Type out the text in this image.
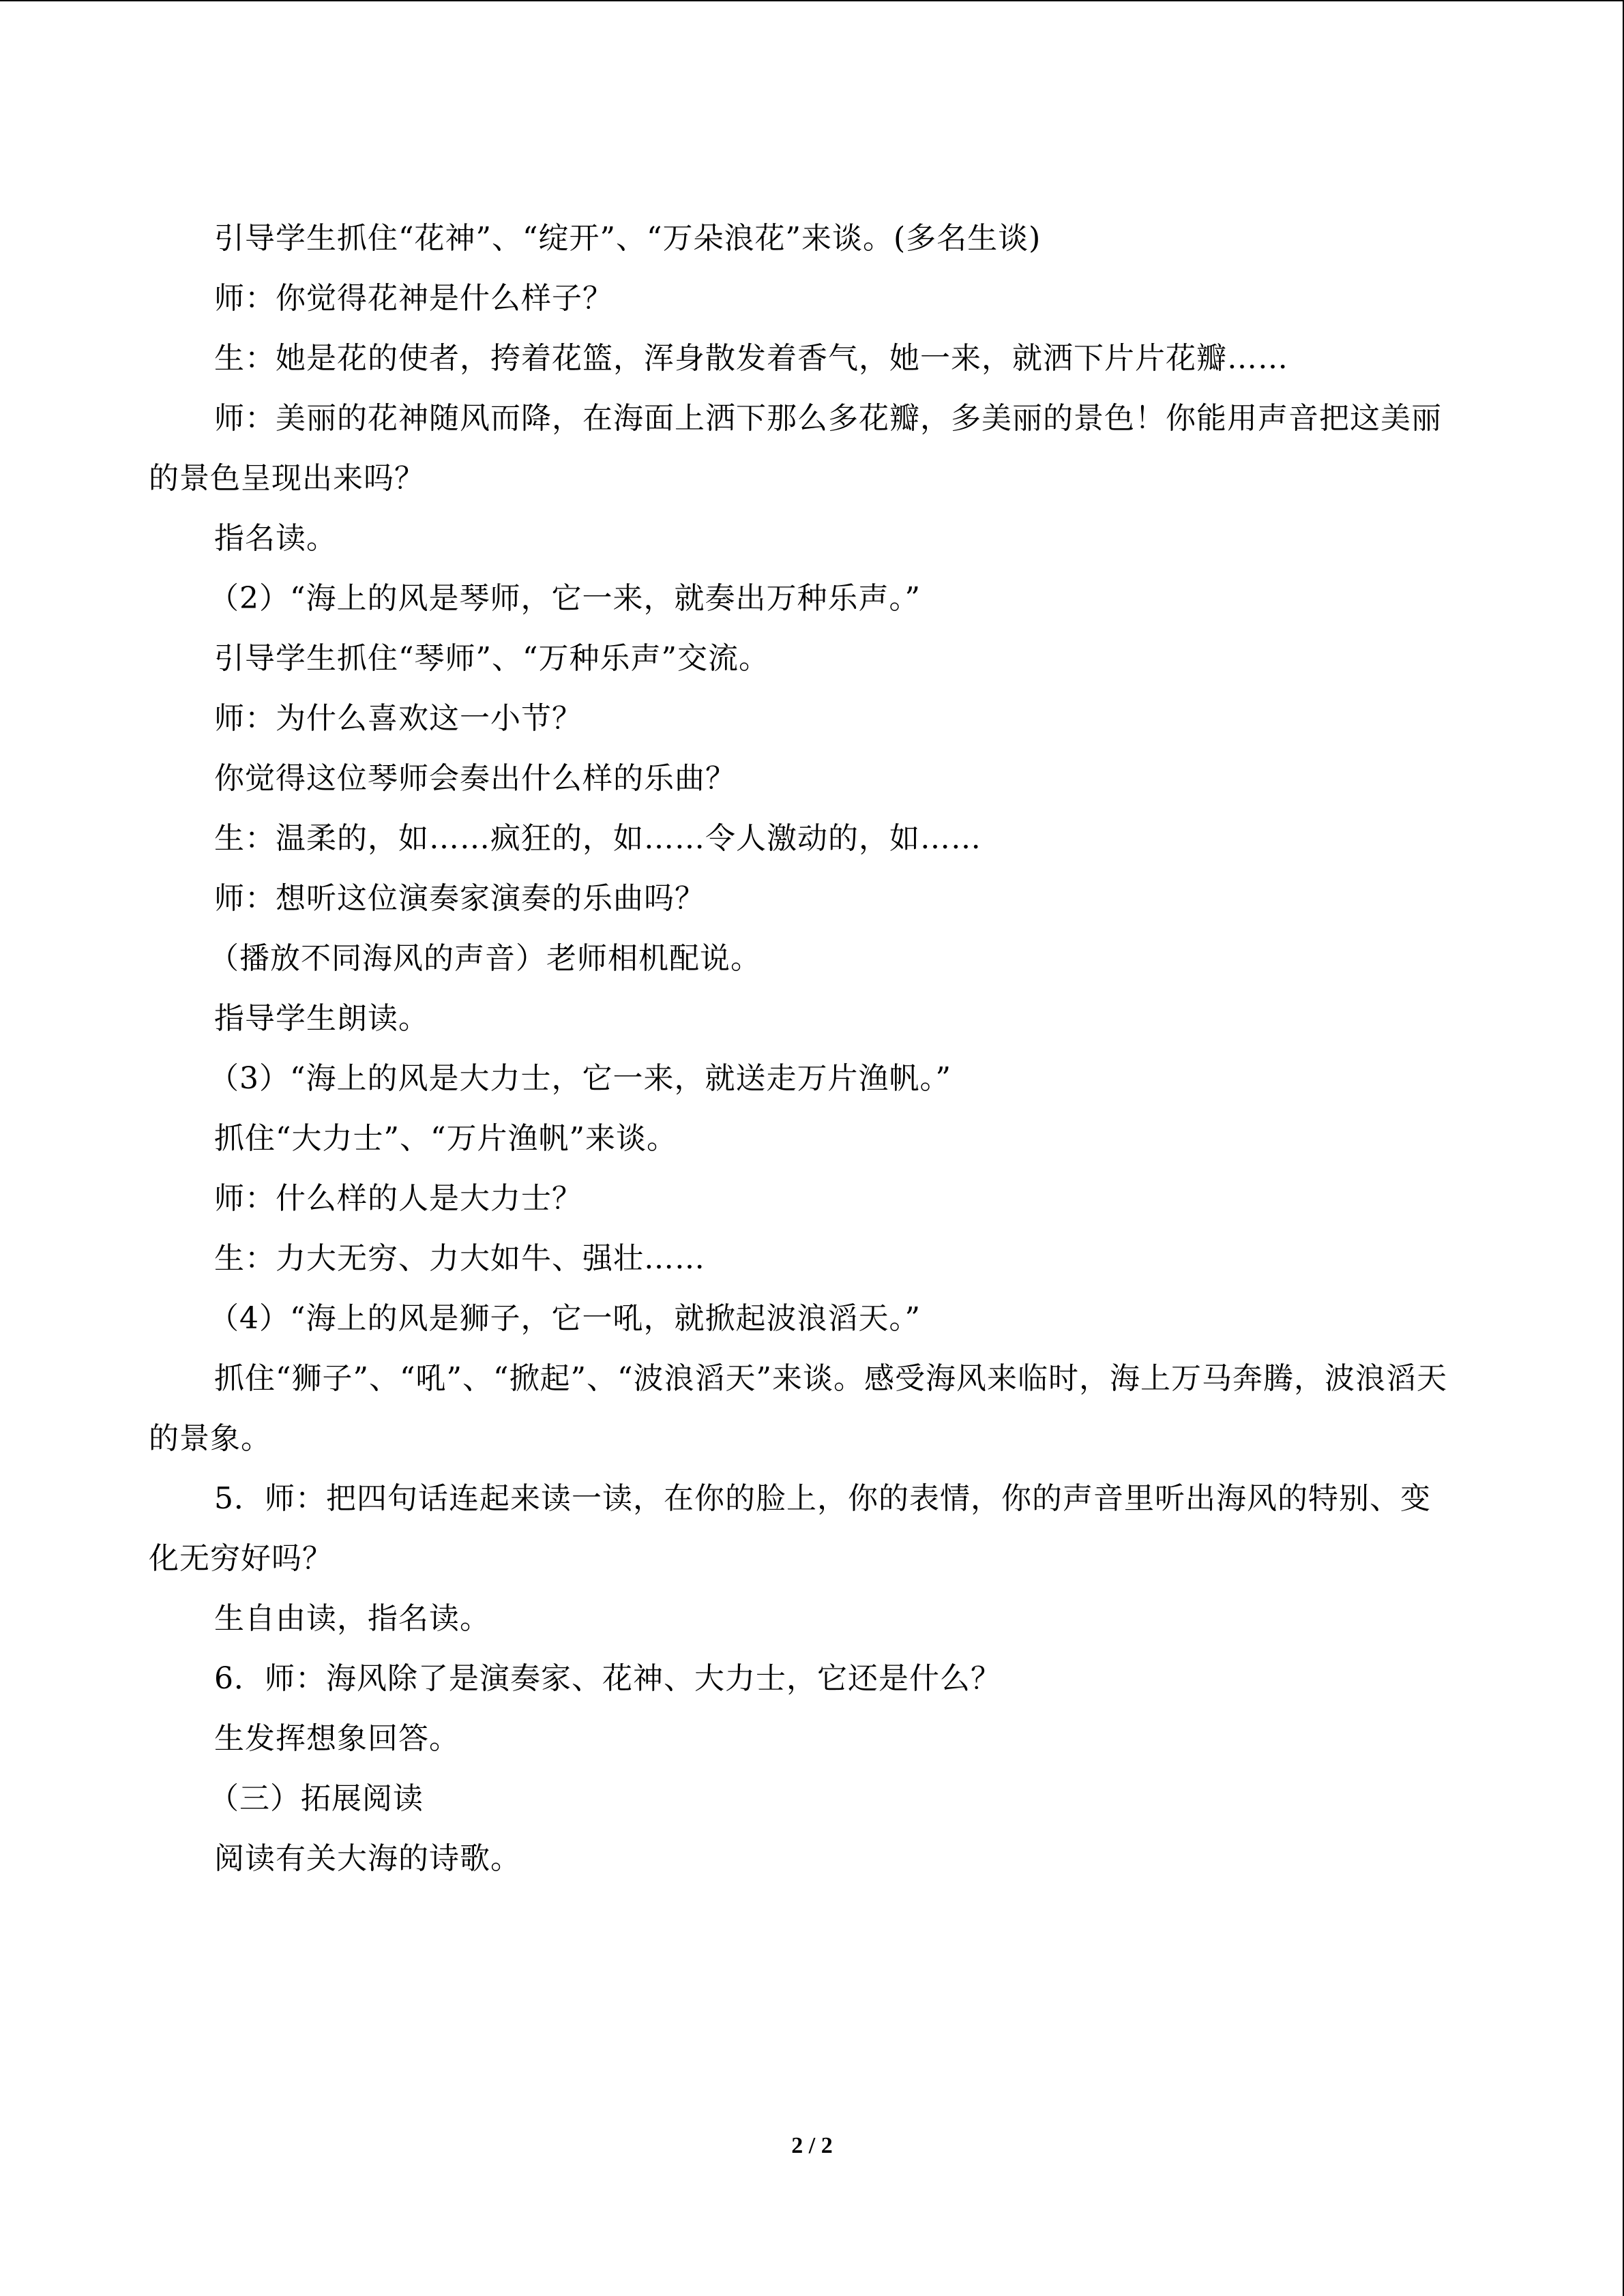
引导学生抓住“花神”、“绽开”、“万朵浪花”来谈。(多名生谈)

师：你觉得花神是什么样子？

生：她是花的使者，挎着花篮，浑身散发着香气，她一来，就洒下片片花瓣……

师：美丽的花神随风而降，在海面上洒下那么多花瓣，多美丽的景色！你能用声音把这美丽的景色呈现出来吗？

指名读。

（2）“海上的风是琴师，它一来，就奏出万种乐声。”

引导学生抓住“琴师”、“万种乐声”交流。

师：为什么喜欢这一小节？

你觉得这位琴师会奏出什么样的乐曲？

生：温柔的，如……疯狂的，如……令人激动的，如……

师：想听这位演奏家演奏的乐曲吗？

（播放不同海风的声音）老师相机配说。

指导学生朗读。

（3）“海上的风是大力士，它一来，就送走万片渔帆。”

抓住“大力士”、“万片渔帆”来谈。

师：什么样的人是大力士？

生：力大无穷、力大如牛、强壮……

（4）“海上的风是狮子，它一吼，就掀起波浪滔天。”

抓住“狮子”、“吼”、“掀起”、“波浪滔天”来谈。感受海风来临时，海上万马奔腾，波浪滔天的景象。

5．师：把四句话连起来读一读，在你的脸上，你的表情，你的声音里听出海风的特别、变化无穷好吗？

生自由读，指名读。

6．师：海风除了是演奏家、花神、大力士，它还是什么？

生发挥想象回答。

（三）拓展阅读

阅读有关大海的诗歌。

2 / 2
